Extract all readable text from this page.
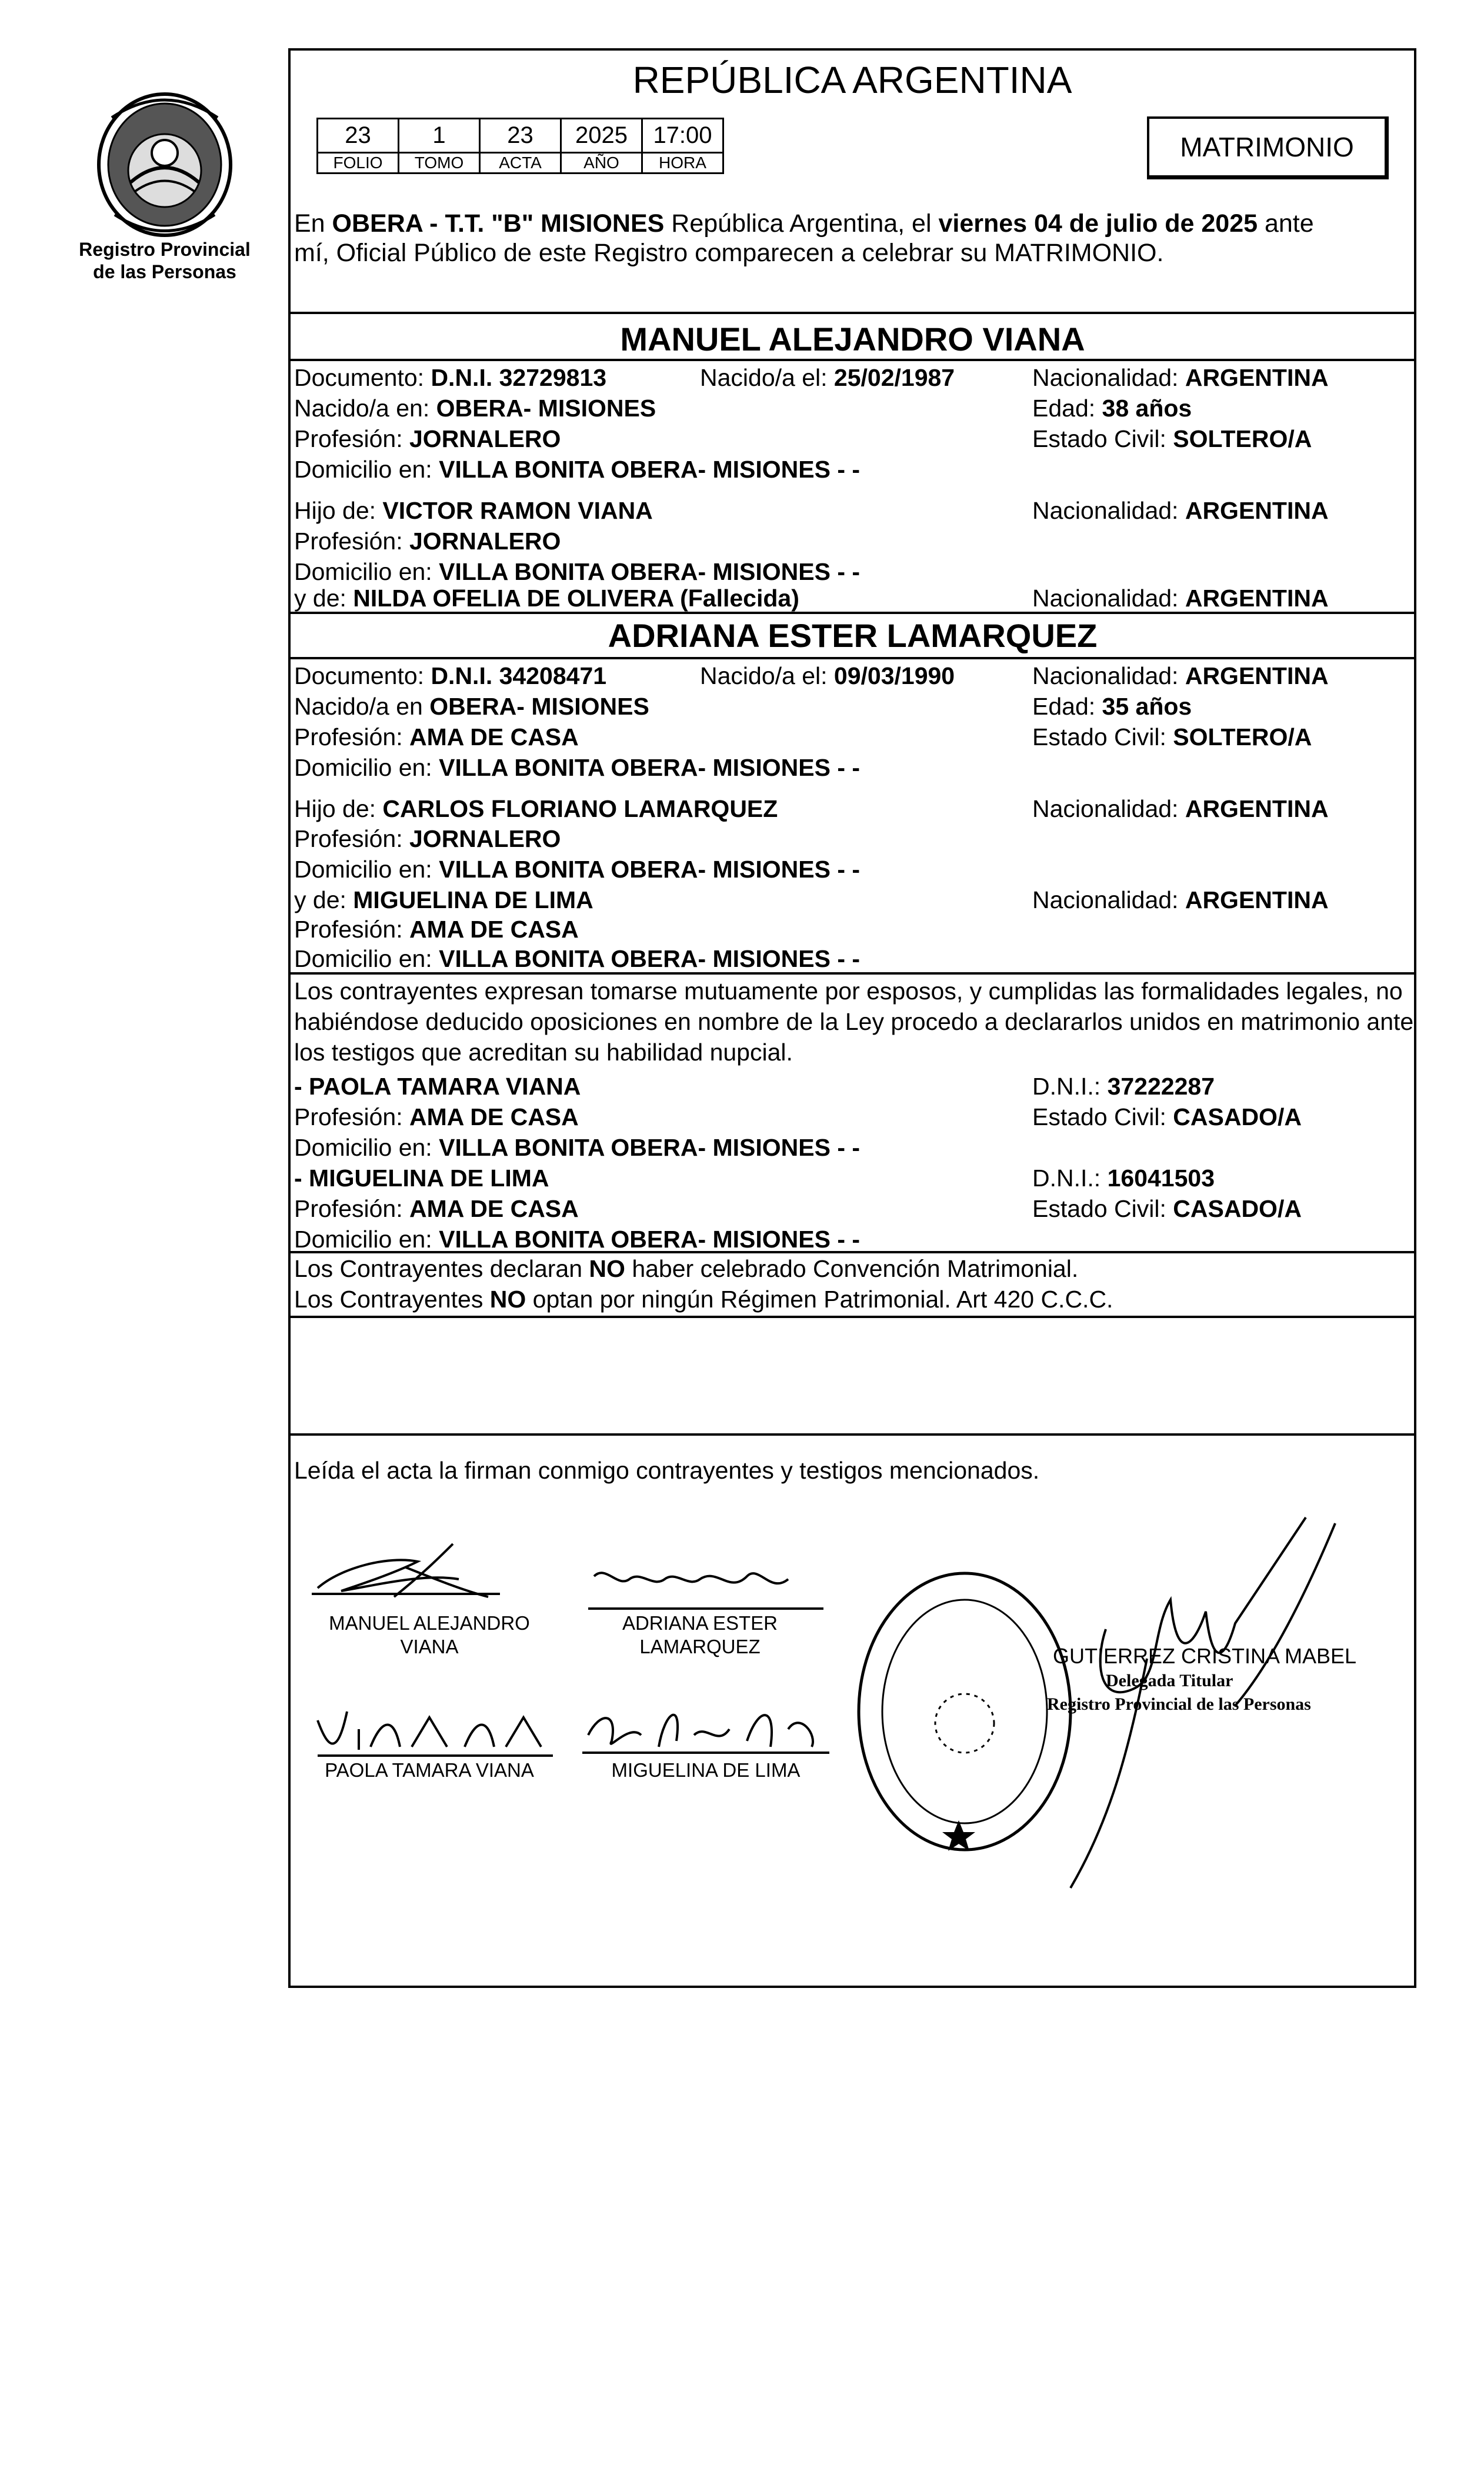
Registro Provincial
de las Personas
REPÚBLICA ARGENTINA
23	1	23	2025	17:00
FOLIO	TOMO	ACTA	AÑO	HORA
MATRIMONIO
En OBERA - T.T. "B" MISIONES República Argentina, el viernes 04 de julio de 2025 ante
mí, Oficial Público de este Registro comparecen a celebrar su MATRIMONIO.
MANUEL ALEJANDRO VIANA
Documento: D.N.I. 32729813	Nacido/a el: 25/02/1987	Nacionalidad: ARGENTINA
Nacido/a en: OBERA- MISIONES	Edad: 38 años
Profesión: JORNALERO	Estado Civil: SOLTERO/A
Domicilio en: VILLA BONITA OBERA- MISIONES - -
Hijo de: VICTOR RAMON VIANA	Nacionalidad: ARGENTINA
Profesión: JORNALERO
Domicilio en: VILLA BONITA OBERA- MISIONES - -
y de: NILDA OFELIA DE OLIVERA (Fallecida)	Nacionalidad: ARGENTINA
ADRIANA ESTER LAMARQUEZ
Documento: D.N.I. 34208471	Nacido/a el: 09/03/1990	Nacionalidad: ARGENTINA
Nacido/a en OBERA- MISIONES	Edad: 35 años
Profesión: AMA DE CASA	Estado Civil: SOLTERO/A
Domicilio en: VILLA BONITA OBERA- MISIONES - -
Hijo de: CARLOS FLORIANO LAMARQUEZ	Nacionalidad: ARGENTINA
Profesión: JORNALERO
Domicilio en: VILLA BONITA OBERA- MISIONES - -
y de: MIGUELINA DE LIMA	Nacionalidad: ARGENTINA
Profesión: AMA DE CASA
Domicilio en: VILLA BONITA OBERA- MISIONES - -
Los contrayentes expresan tomarse mutuamente por esposos, y cumplidas las formalidades legales, no
habiéndose deducido oposiciones en nombre de la Ley procedo a declararlos unidos en matrimonio ante
los testigos que acreditan su habilidad nupcial.
- PAOLA TAMARA VIANA	D.N.I.: 37222287
Profesión: AMA DE CASA	Estado Civil: CASADO/A
Domicilio en: VILLA BONITA OBERA- MISIONES - -
- MIGUELINA DE LIMA	D.N.I.: 16041503
Profesión: AMA DE CASA	Estado Civil: CASADO/A
Domicilio en: VILLA BONITA OBERA- MISIONES - -
Los Contrayentes declaran NO haber celebrado Convención Matrimonial.
Los Contrayentes NO optan por ningún Régimen Patrimonial. Art 420 C.C.C.
Leída el acta la firman conmigo contrayentes y testigos mencionados.
MANUEL ALEJANDRO
VIANA
ADRIANA ESTER
LAMARQUEZ
PAOLA TAMARA VIANA	MIGUELINA DE LIMA
GUTIERREZ CRISTINA MABEL
Delegada Titular
Registro Provincial de las Personas
